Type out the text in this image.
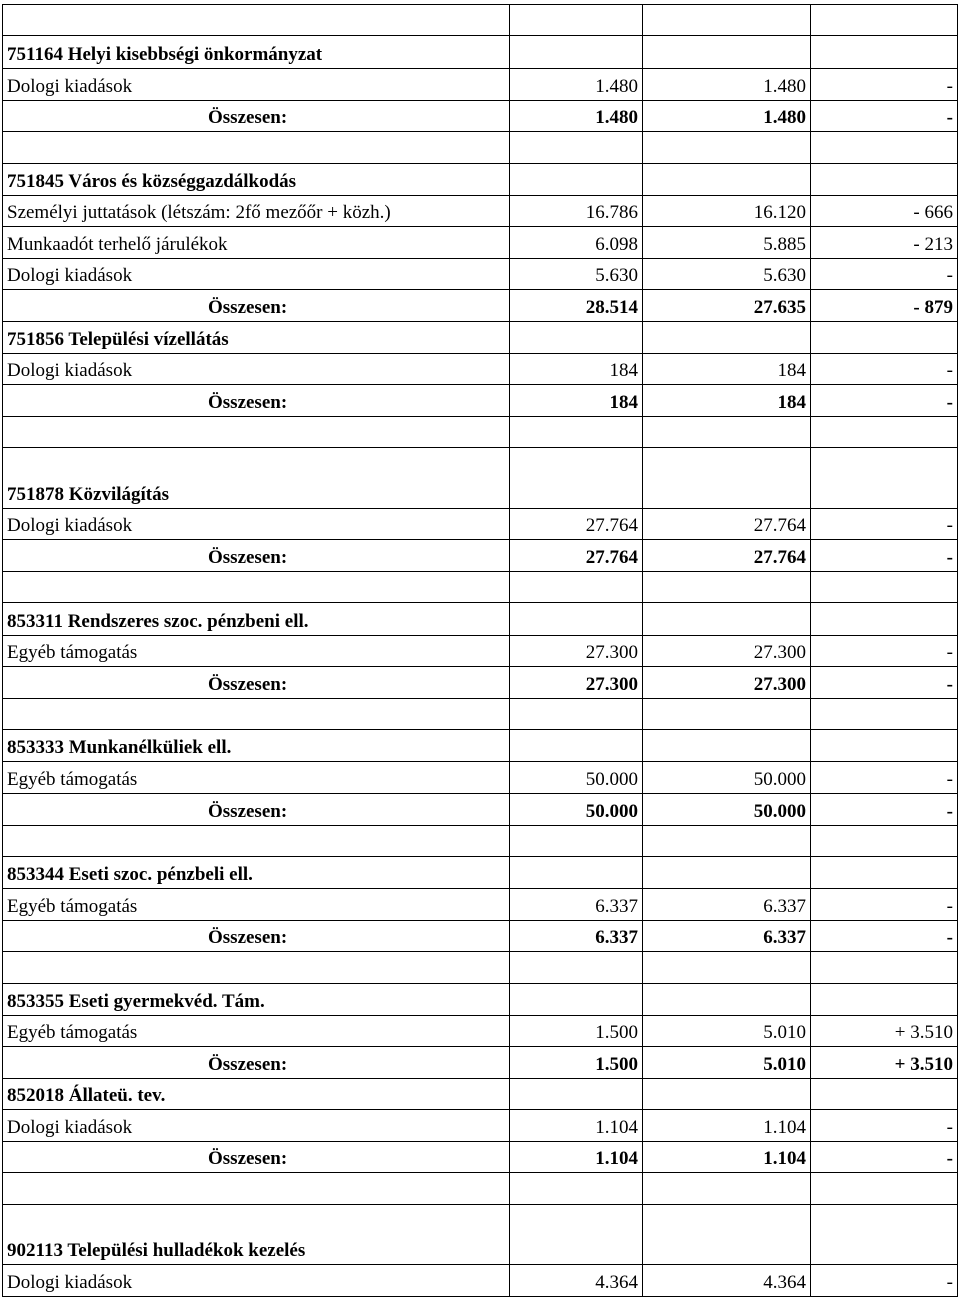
751164 Helyi kisebbségi önkormányzat			
Dologi kiadások	1.480	1.480	-
Összesen:	1.480	1.480	-

751845 Város és községgazdálkodás			
Személyi juttatások (létszám: 2fő mezőőr + közh.)	16.786	16.120	- 666
Munkaadót terhelő járulékok	6.098	5.885	- 213
Dologi kiadások	5.630	5.630	-
Összesen:	28.514	27.635	- 879
751856 Települési vízellátás			
Dologi kiadások	184	184	-
Összesen:	184	184	-

751878 Közvilágítás			
Dologi kiadások	27.764	27.764	-
Összesen:	27.764	27.764	-

853311 Rendszeres szoc. pénzbeni ell.			
Egyéb támogatás	27.300	27.300	-
Összesen:	27.300	27.300	-

853333 Munkanélküliek ell.			
Egyéb támogatás	50.000	50.000	-
Összesen:	50.000	50.000	-

853344 Eseti szoc. pénzbeli ell.			
Egyéb támogatás	6.337	6.337	-
Összesen:	6.337	6.337	-

853355 Eseti gyermekvéd. Tám.			
Egyéb támogatás	1.500	5.010	+ 3.510
Összesen:	1.500	5.010	+ 3.510
852018 Állateü. tev.			
Dologi kiadások	1.104	1.104	-
Összesen:	1.104	1.104	-

902113 Települési hulladékok kezelés			
Dologi kiadások	4.364	4.364	-
